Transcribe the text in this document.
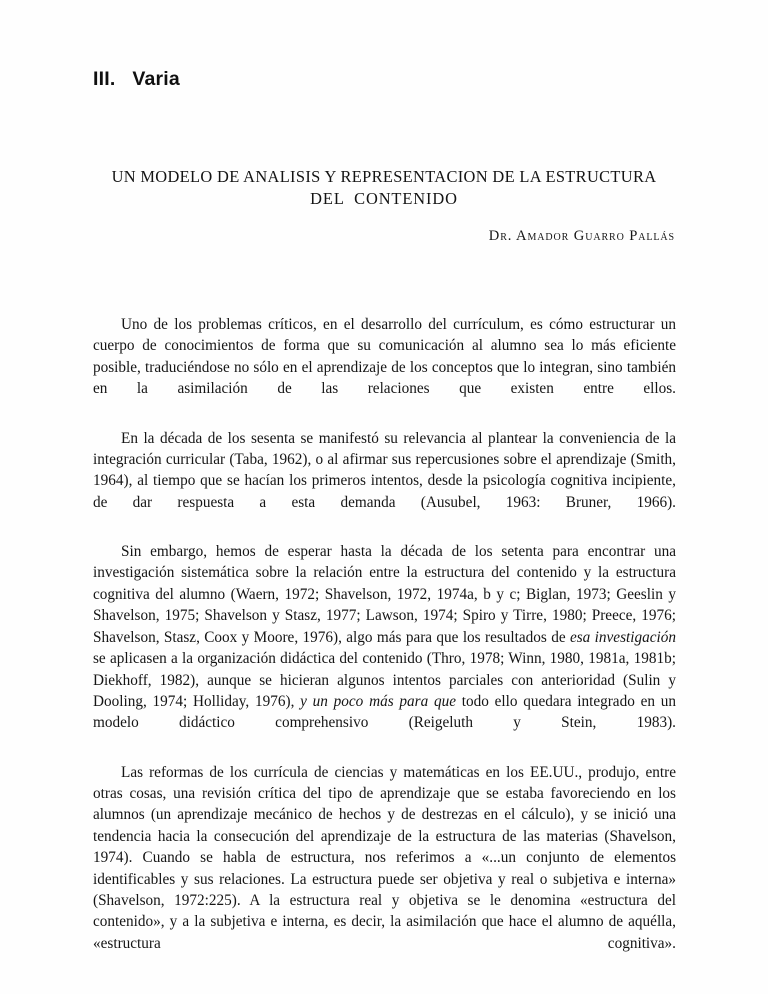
III.   Varia
UN MODELO DE ANALISIS Y REPRESENTACION DE LA ESTRUCTURA
DEL  CONTENIDO
Dr. Amador Guarro Pallás

Uno de los problemas críticos, en el desarrollo del currículum, es cómo estructurar un cuerpo de conocimientos de forma que su comunicación al alumno sea lo más eficiente posible, traduciéndose no sólo en el aprendizaje de los con⁠ceptos que lo integran, sino también en la asimilación de las relaciones que existen entre ellos.

En la década de los sesenta se manifestó su relevancia al plantear la con⁠veniencia de la integración curricular (Taba, 1962), o al afirmar sus repercusio⁠nes sobre el aprendizaje (Smith, 1964), al tiempo que se hacían los primeros intentos, desde la psicología cognitiva incipiente, de dar respuesta a esta deman⁠da (Ausubel, 1963: Bruner, 1966).

Sin embargo, hemos de esperar hasta la década de los setenta para encon⁠trar una investigación sistemática sobre la relación entre la estructura del con⁠tenido y la estructura cognitiva del alumno (Waern, 1972; Shavelson, 1972, 1974a, b y c; Biglan, 1973; Geeslin y Shavelson, 1975; Shavelson y Stasz, 1977; Lawson, 1974; Spiro y Tirre, 1980; Preece, 1976; Shavelson, Stasz, Coox y Moore, 1976), algo más para que los resultados de esa investigación se apli⁠casen a la organización didáctica del contenido (Thro, 1978; Winn, 1980, 1981a, 1981b; Diekhoff, 1982), aunque se hicieran algunos intentos parciales con an⁠terioridad (Sulin y Dooling, 1974; Holliday, 1976), y un poco más para que todo ello quedara integrado en un modelo didáctico comprehensivo (Reigeluth y Stein, 1983).

Las reformas de los currícula de ciencias y matemáticas en los EE.UU., produjo, entre otras cosas, una revisión crítica del tipo de aprendizaje que se estaba favoreciendo en los alumnos (un aprendizaje mecánico de hechos y de destrezas en el cálculo), y se inició una tendencia hacia la consecución del apren⁠dizaje de la estructura de las materias (Shavelson, 1974). Cuando se habla de estructura, nos referimos a «...un conjunto de elementos identificables y sus relaciones. La estructura puede ser objetiva y real o subjetiva e interna» (Sha⁠velson, 1972:225). A la estructura real y objetiva se le denomina «estructura del contenido», y a la subjetiva e interna, es decir, la asimilación que hace el alumno de aquélla, «estructura cognitiva».
